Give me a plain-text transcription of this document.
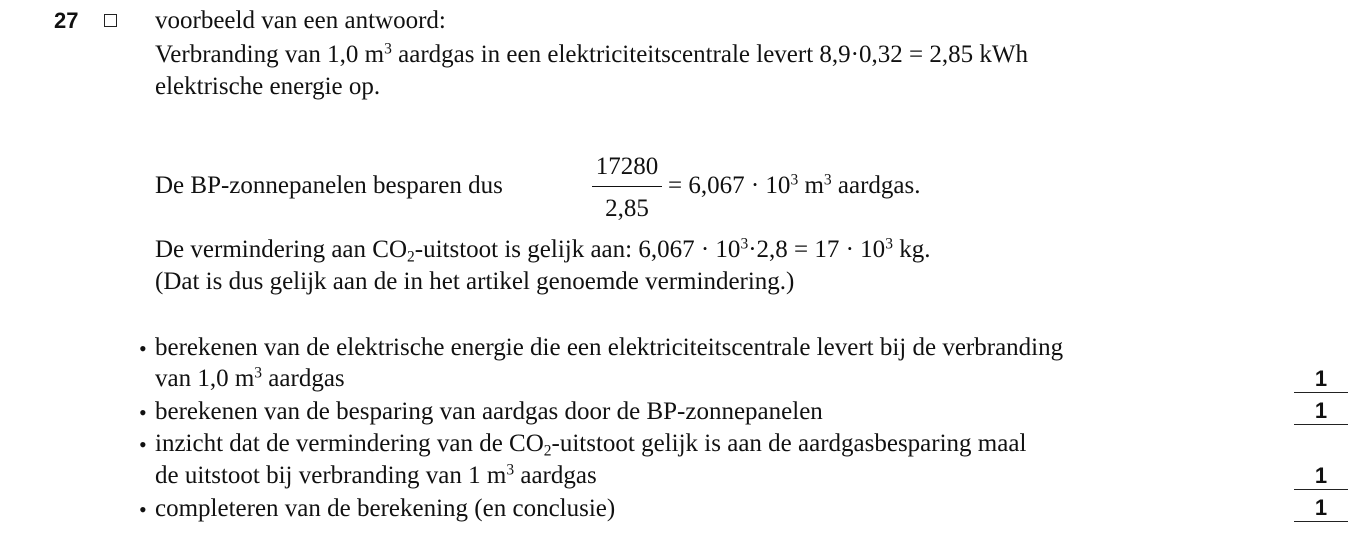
27	voorbeeld van een antwoord:
Verbranding van 1,0 $m^3$ aardgas in een elektriciteitscentrale levert 8,9·0,32 = 2,85 kWh
elektrische energie op.
De BP-zonnepanelen besparen dus
17280
2,85
= $6,067 \cdot 10^3$ $m^3$ aardgas.
De vermindering aan $CO_2$-uitstoot is gelijk aan: $6,067 \cdot 10^3\cdot 2,8 = 17 \cdot 10^3$ kg.
(Dat is dus gelijk aan de in het artikel genoemde vermindering.)
• berekenen van de elektrische energie die een elektriciteitscentrale levert bij de verbranding
van 1,0 $m^3$ aardgas	1
• berekenen van de besparing van aardgas door de BP-zonnepanelen	1
• inzicht dat de vermindering van de $CO_2$-uitstoot gelijk is aan de aardgasbesparing maal
de uitstoot bij verbranding van 1 $m^3$ aardgas	1
• completeren van de berekening (en conclusie)	1
